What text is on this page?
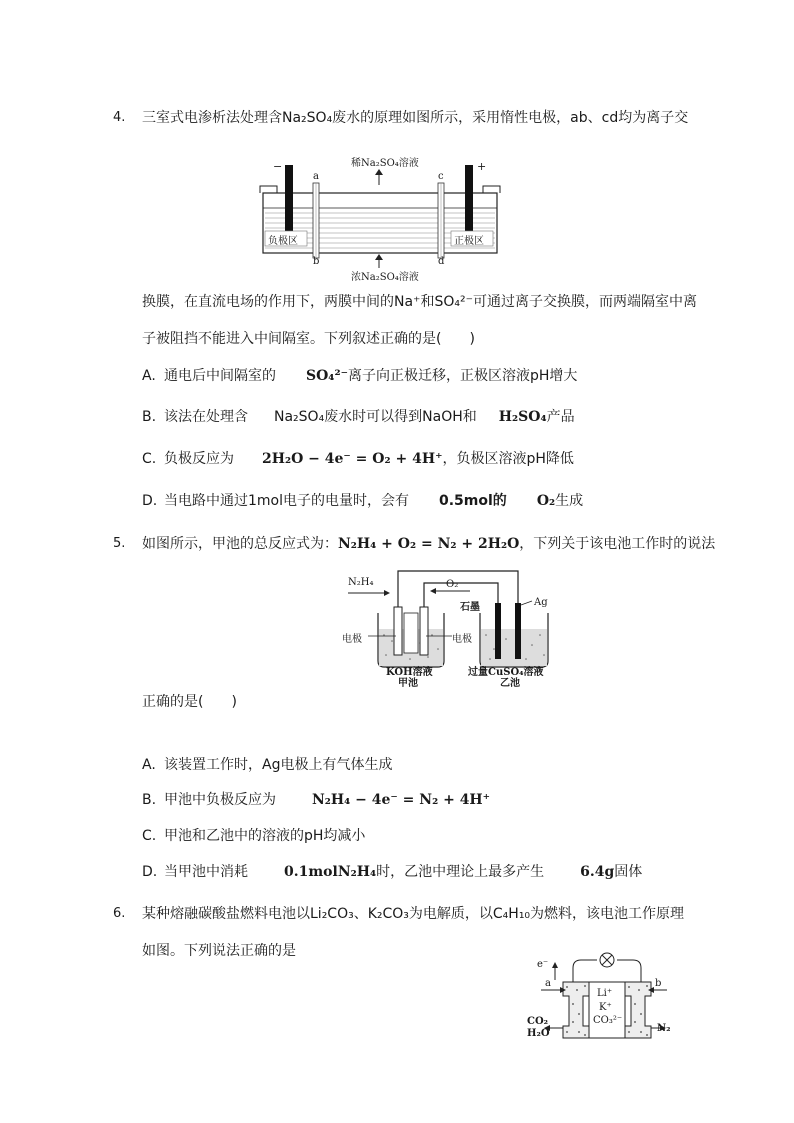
4. 三室式电渗析法处理含Na₂SO₄废水的原理如图所示，采用惰性电极，ab、cd均为离子交
−	+
a
b
c
d
稀Na₂SO₄溶液
浓Na₂SO₄溶液
负极区	正极区
换膜，在直流电场的作用下，两膜中间的Na⁺和SO₄²⁻可通过离子交换膜，而两端隔室中离
子被阻挡不能进入中间隔室。下列叙述正确的是(　　)
A. 通电后中间隔室的 SO₄²⁻离子向正极迁移，正极区溶液pH增大
B. 该法在处理含 Na₂SO₄废水时可以得到NaOH和 H₂SO₄产品
C. 负极反应为 2H₂O − 4e⁻ = O₂ + 4H⁺，负极区溶液pH降低
D. 当电路中通过1mol电子的电量时，会有 0.5mol的 O₂生成
5. 如图所示，甲池的总反应式为：N₂H₄ + O₂ = N₂ + 2H₂O，下列关于该电池工作时的说法
N₂H₄	O₂
石墨	Ag
电极	电极
KOH溶液
甲池
过量CuSO₄溶液
乙池
正确的是(　　)
A. 该装置工作时，Ag电极上有气体生成
B. 甲池中负极反应为	N₂H₄ − 4e⁻ = N₂ + 4H⁺
C. 甲池和乙池中的溶液的pH均减小
D. 当甲池中消耗	0.1molN₂H₄时，乙池中理论上最多产生	6.4g固体
6. 某种熔融碳酸盐燃料电池以Li₂CO₃、K₂CO₃为电解质，以C₄H₁₀为燃料，该电池工作原理
如图。下列说法正确的是
e⁻
a	b
Li⁺
K⁺
CO₃²⁻
CO₂
H₂O	N₂
